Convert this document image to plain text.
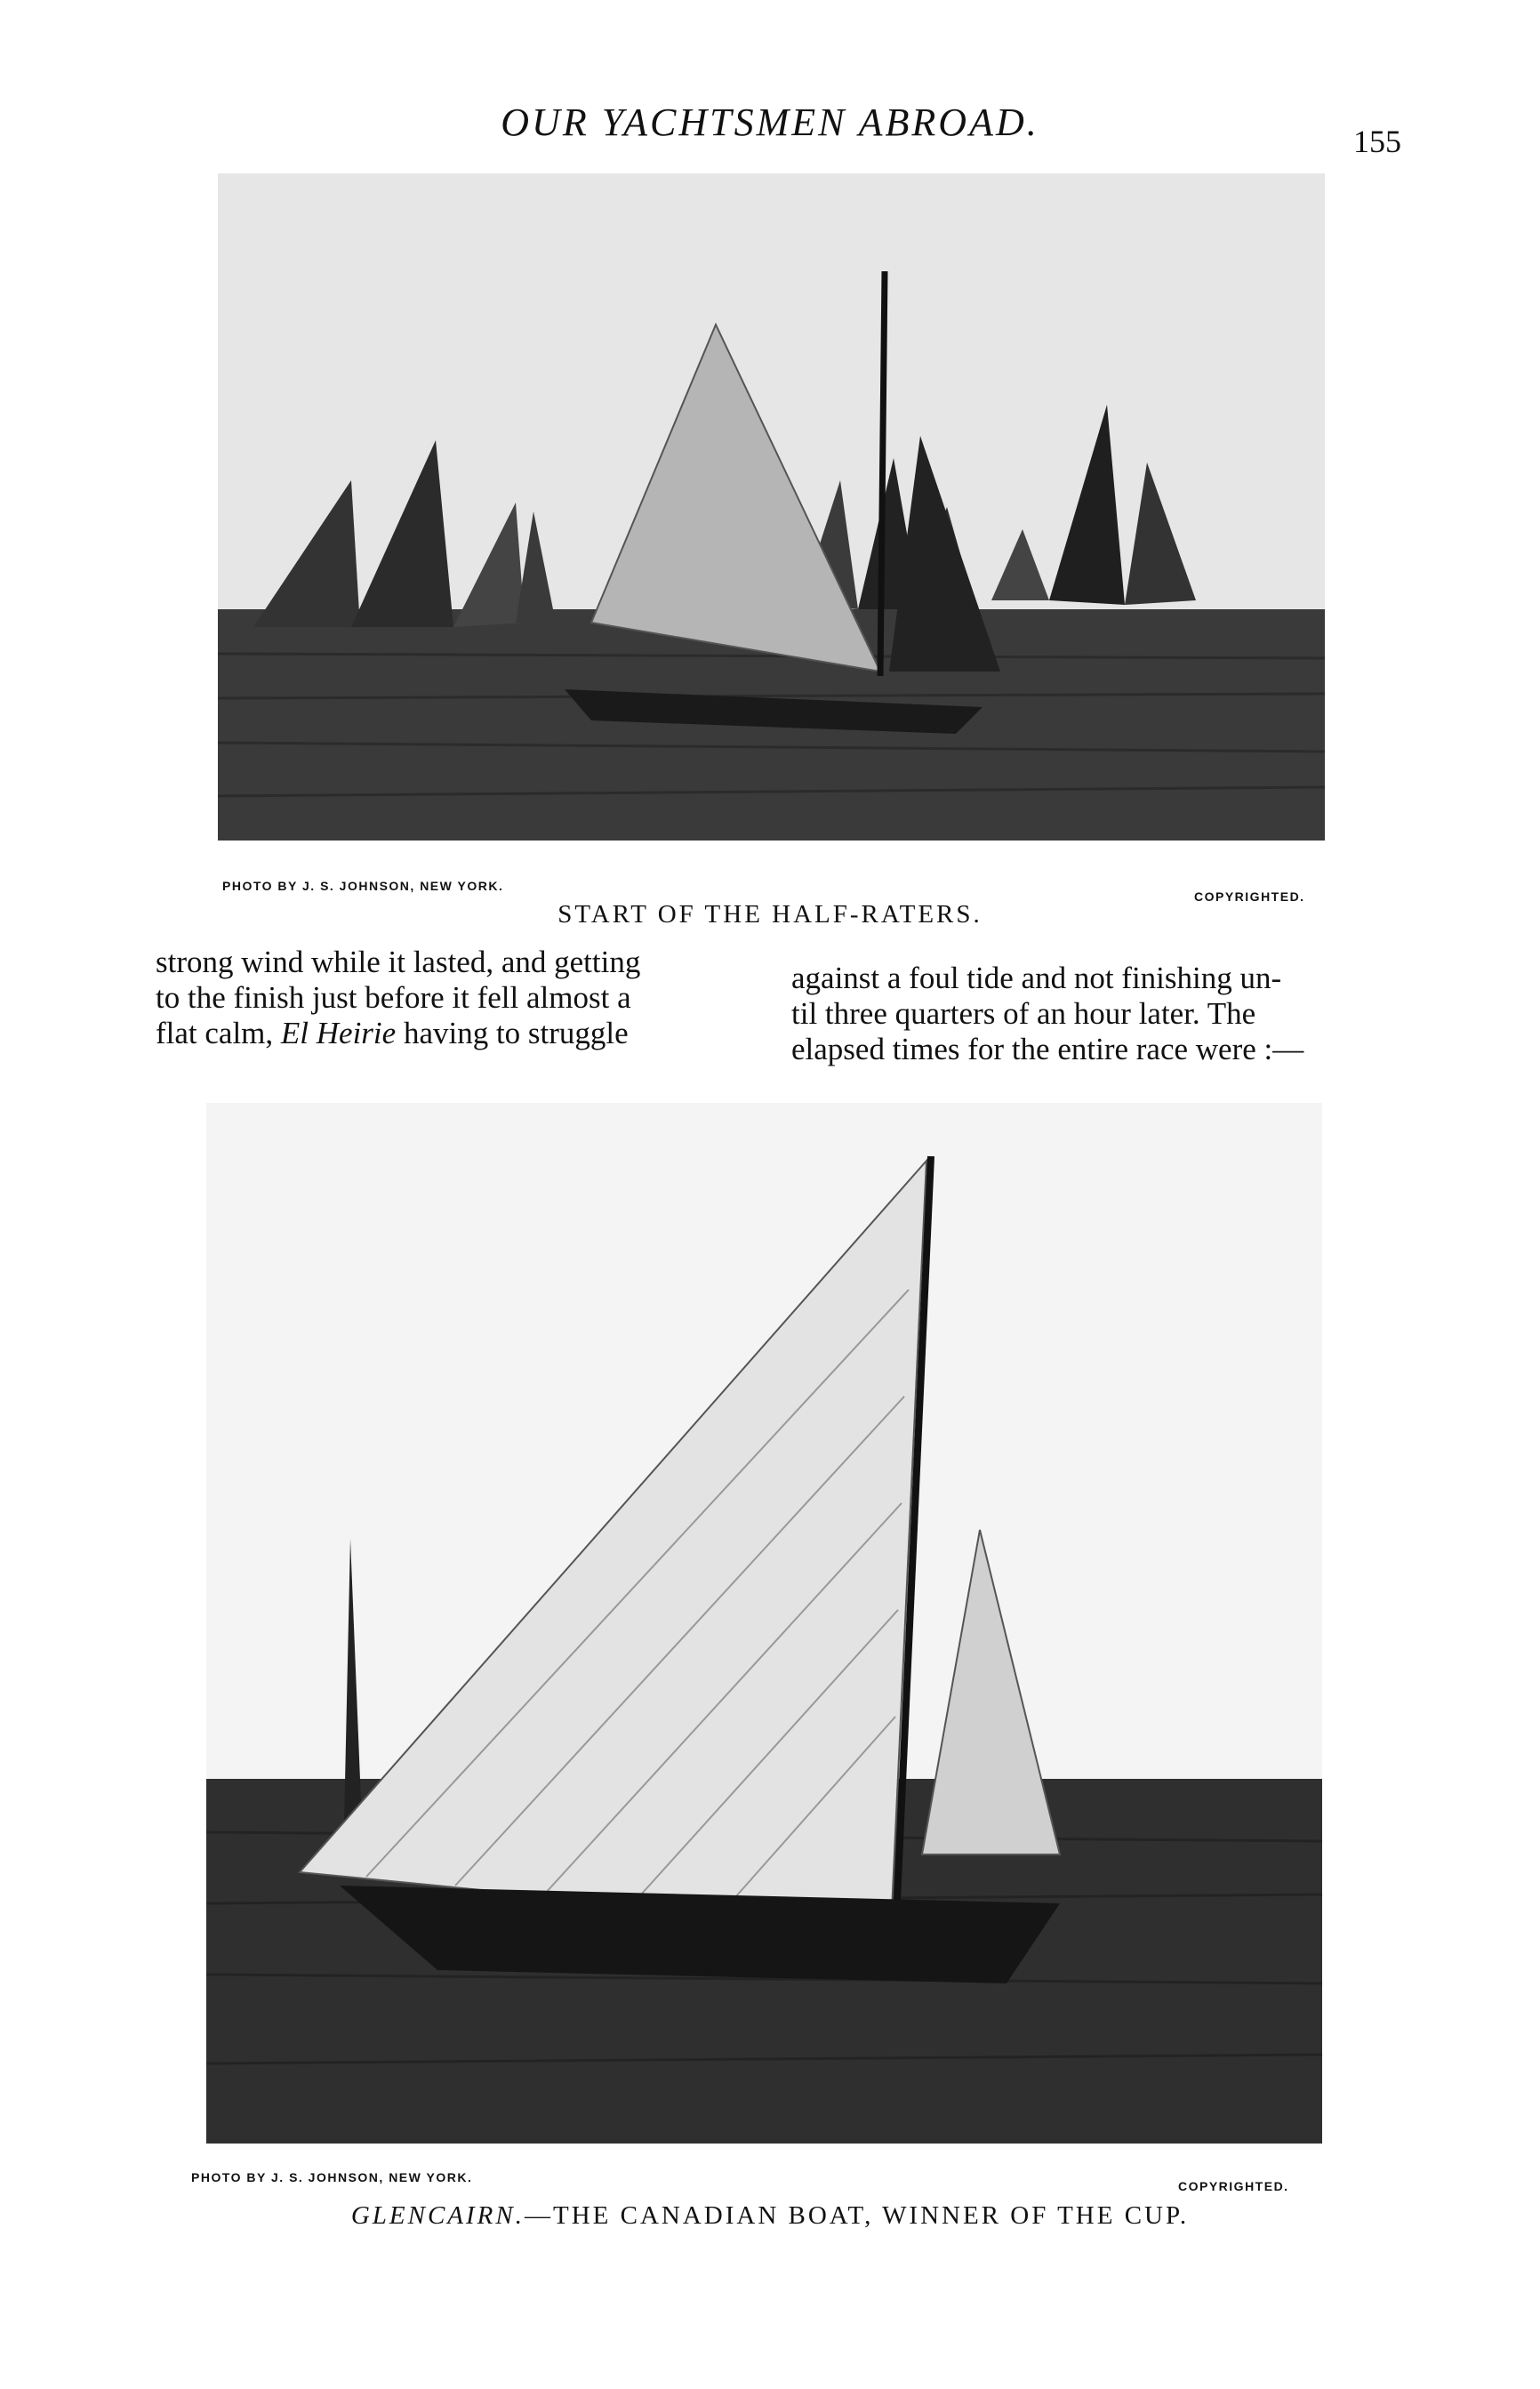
OUR YACHTSMEN ABROAD.	155
PHOTO BY J. S. JOHNSON, NEW YORK.
COPYRIGHTED.
START OF THE HALF-RATERS.

strong wind while it lasted, and getting
to the finish just before it fell almost a
flat calm, El Heirie having to struggle

against a foul tide and not finishing un-
til three quarters of an hour later. The
elapsed times for the entire race were :—

PHOTO BY J. S. JOHNSON, NEW YORK.
COPYRIGHTED.
GLENCAIRN.—THE CANADIAN BOAT, WINNER OF THE CUP.
